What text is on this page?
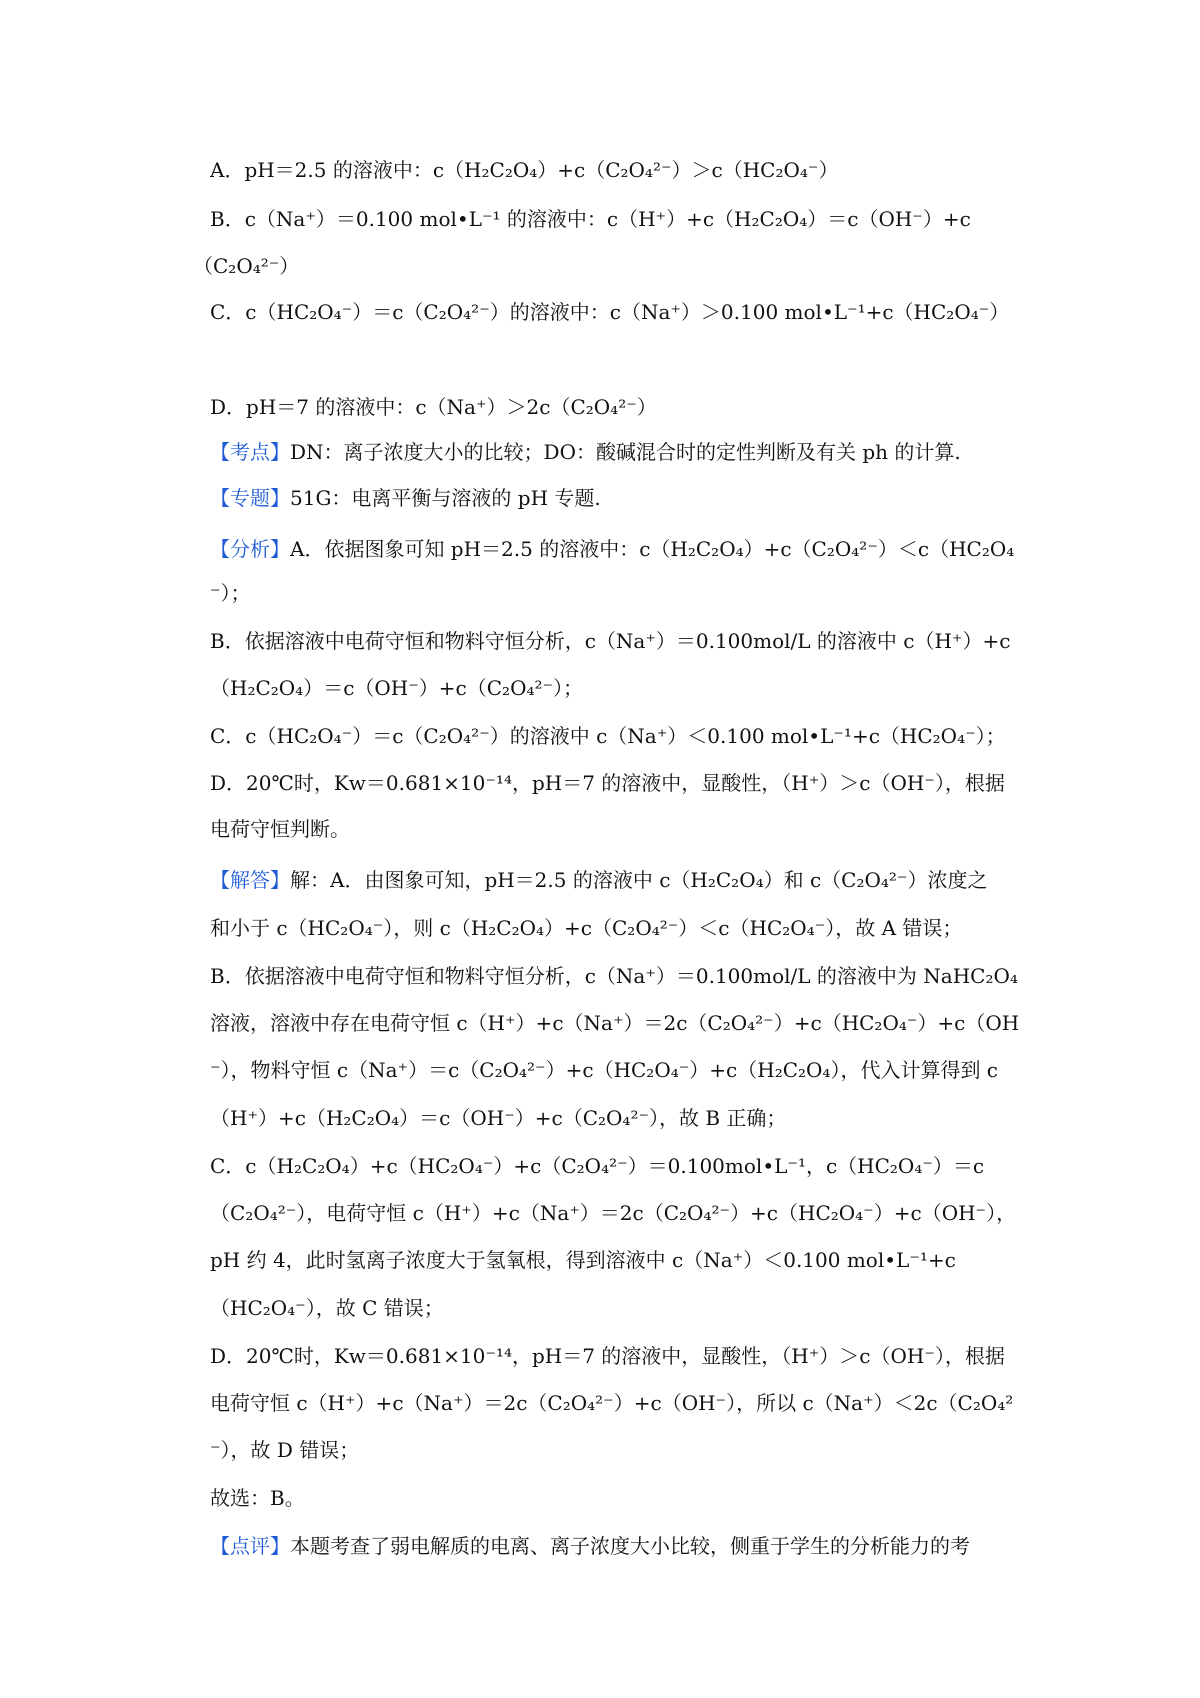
A．pH＝2.5 的溶液中：c（H₂C₂O₄）+c（C₂O₄²⁻）＞c（HC₂O₄⁻）
B．c（Na⁺）＝0.100 mol•L⁻¹ 的溶液中：c（H⁺）+c（H₂C₂O₄）＝c（OH⁻）+c
（C₂O₄²⁻）
C．c（HC₂O₄⁻）＝c（C₂O₄²⁻）的溶液中：c（Na⁺）＞0.100 mol•L⁻¹+c（HC₂O₄⁻）
D．pH＝7 的溶液中：c（Na⁺）＞2c（C₂O₄²⁻）
【考点】DN：离子浓度大小的比较；DO：酸碱混合时的定性判断及有关 ph 的计算.
【专题】51G：电离平衡与溶液的 pH 专题.
【分析】A．依据图象可知 pH＝2.5 的溶液中：c（H₂C₂O₄）+c（C₂O₄²⁻）＜c（HC₂O₄
⁻）；
B．依据溶液中电荷守恒和物料守恒分析，c（Na⁺）＝0.100mol/L 的溶液中 c（H⁺）+c
（H₂C₂O₄）＝c（OH⁻）+c（C₂O₄²⁻）；
C．c（HC₂O₄⁻）＝c（C₂O₄²⁻）的溶液中 c（Na⁺）＜0.100 mol•L⁻¹+c（HC₂O₄⁻）；
D．20℃时，Kw＝0.681×10⁻¹⁴，pH＝7 的溶液中，显酸性，（H⁺）＞c（OH⁻），根据
电荷守恒判断。
【解答】解：A．由图象可知，pH＝2.5 的溶液中 c（H₂C₂O₄）和 c（C₂O₄²⁻）浓度之
和小于 c（HC₂O₄⁻），则 c（H₂C₂O₄）+c（C₂O₄²⁻）＜c（HC₂O₄⁻），故 A 错误；
B．依据溶液中电荷守恒和物料守恒分析，c（Na⁺）＝0.100mol/L 的溶液中为 NaHC₂O₄
溶液，溶液中存在电荷守恒 c（H⁺）+c（Na⁺）＝2c（C₂O₄²⁻）+c（HC₂O₄⁻）+c（OH
⁻），物料守恒 c（Na⁺）＝c（C₂O₄²⁻）+c（HC₂O₄⁻）+c（H₂C₂O₄），代入计算得到 c
（H⁺）+c（H₂C₂O₄）＝c（OH⁻）+c（C₂O₄²⁻），故 B 正确；
C．c（H₂C₂O₄）+c（HC₂O₄⁻）+c（C₂O₄²⁻）＝0.100mol•L⁻¹，c（HC₂O₄⁻）＝c
（C₂O₄²⁻），电荷守恒 c（H⁺）+c（Na⁺）＝2c（C₂O₄²⁻）+c（HC₂O₄⁻）+c（OH⁻），
pH 约 4，此时氢离子浓度大于氢氧根，得到溶液中 c（Na⁺）＜0.100 mol•L⁻¹+c
（HC₂O₄⁻），故 C 错误；
D．20℃时，Kw＝0.681×10⁻¹⁴，pH＝7 的溶液中，显酸性，（H⁺）＞c（OH⁻），根据
电荷守恒 c（H⁺）+c（Na⁺）＝2c（C₂O₄²⁻）+c（OH⁻），所以 c（Na⁺）＜2c（C₂O₄²
⁻），故 D 错误；
故选：B。
【点评】本题考查了弱电解质的电离、离子浓度大小比较，侧重于学生的分析能力的考
